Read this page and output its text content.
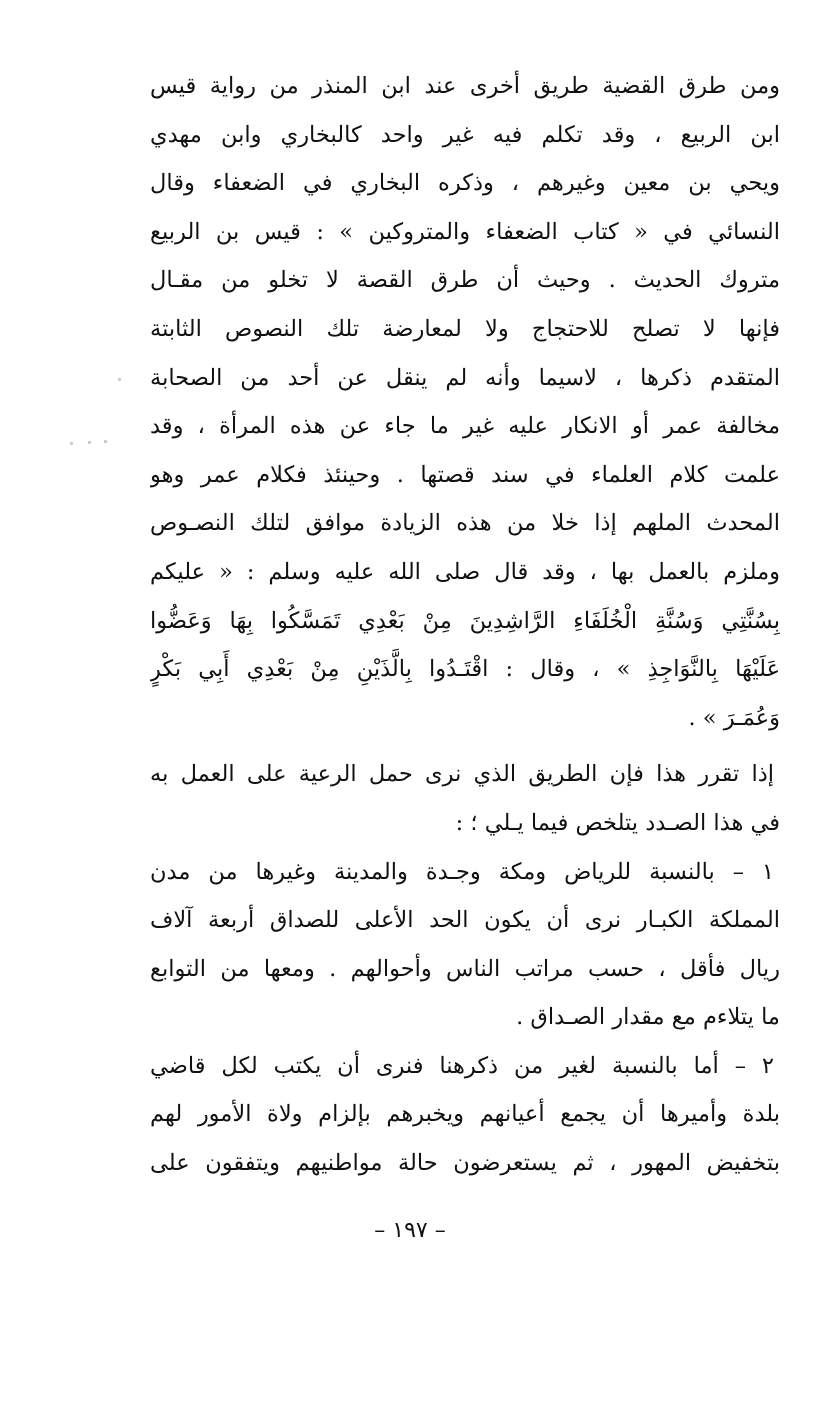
ومن طرق القضية طريق أخرى عند ابن المنذر من رواية قيس
ابن الربيع ، وقد تكلم فيه غير واحد كالبخاري وابن مهدي
ويحي بن معين وغيرهم ، وذكره البخاري في الضعفاء وقال
النسائي في « كتاب الضعفاء والمتروكين » : قيس بن الربيع
متروك الحديث . وحيث أن طرق القصة لا تخلو من مقـال
فإنها لا تصلح للاحتجاج ولا لمعارضة تلك النصوص الثابتة
المتقدم ذكرها ، لاسيما وأنه لم ينقل عن أحد من الصحابة
مخالفة عمر أو الانكار عليه غير ما جاء عن هذه المرأة ، وقد
علمت كلام العلماء في سند قصتها . وحينئذ فكلام عمر وهو
المحدث الملهم إذا خلا من هذه الزيادة موافق لتلك النصـوص
وملزم بالعمل بها ، وقد قال صلى الله عليه وسلم : « عليكم
بِسُنَّتِي وَسُنَّةِ الْخُلَفَاءِ الرَّاشِدِينَ مِنْ بَعْدِي تَمَسَّكُوا بِهَا وَعَضُّوا
عَلَيْهَا بِالنَّوَاجِذِ » ، وقال : اقْتَـدُوا بِالَّذَيْنِ مِنْ بَعْدِي أَبِي بَكْرٍ
وَعُمَـرَ » .
إذا تقرر هذا فإن الطريق الذي نرى حمل الرعية على العمل به
في هذا الصـدد يتلخص فيما يـلي ؛ :
١ – بالنسبة للرياض ومكة وجـدة والمدينة وغيرها من مدن
المملكة الكبـار نرى أن يكون الحد الأعلى للصداق أربعة آلاف
ريال فأقل ، حسب مراتب الناس وأحوالهم . ومعها من التوابع
ما يتلاءم مع مقدار الصـداق .
٢ – أما بالنسبة لغير من ذكرهنا فنرى أن يكتب لكل قاضي
بلدة وأميرها أن يجمع أعيانهم ويخبرهم بإلزام ولاة الأمور لهم
بتخفيض المهور ، ثم يستعرضون حالة مواطنيهم ويتفقون على
– ١٩٧ –
